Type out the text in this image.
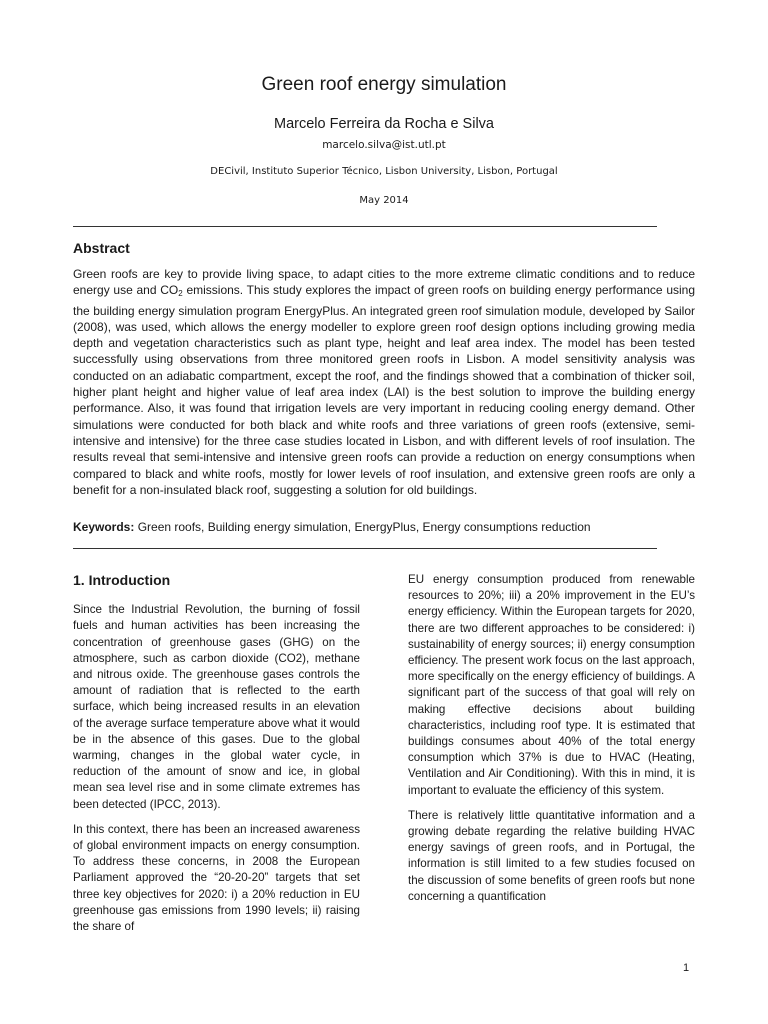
Green roof energy simulation
Marcelo Ferreira da Rocha e Silva
marcelo.silva@ist.utl.pt
DECivil, Instituto Superior Técnico, Lisbon University, Lisbon, Portugal
May 2014
Abstract
Green roofs are key to provide living space, to adapt cities to the more extreme climatic conditions and to reduce energy use and $CO_2$ emissions. This study explores the impact of green roofs on building energy performance using the building energy simulation program EnergyPlus. An integrated green roof simulation module, developed by Sailor (2008), was used, which allows the energy modeller to explore green roof design options including growing media depth and vegetation characteristics such as plant type, height and leaf area index. The model has been tested successfully using observations from three monitored green roofs in Lisbon. A model sensitivity analysis was conducted on an adiabatic compartment, except the roof, and the findings showed that a combination of thicker soil, higher plant height and higher value of leaf area index (LAI) is the best solution to improve the building energy performance. Also, it was found that irrigation levels are very important in reducing cooling energy demand. Other simulations were conducted for both black and white roofs and three variations of green roofs (extensive, semi-intensive and intensive) for the three case studies located in Lisbon, and with different levels of roof insulation. The results reveal that semi-intensive and intensive green roofs can provide a reduction on energy consumptions when compared to black and white roofs, mostly for lower levels of roof insulation, and extensive green roofs are only a benefit for a non-insulated black roof, suggesting a solution for old buildings.
Keywords: Green roofs, Building energy simulation, EnergyPlus, Energy consumptions reduction
1. Introduction

Since the Industrial Revolution, the burning of fossil fuels and human activities has been increasing the concentration of greenhouse gases (GHG) on the atmosphere, such as carbon dioxide (CO2), methane and nitrous oxide. The greenhouse gases controls the amount of radiation that is reflected to the earth surface, which being increased results in an elevation of the average surface temperature above what it would be in the absence of this gases. Due to the global warming, changes in the global water cycle, in reduction of the amount of snow and ice, in global mean sea level rise and in some climate extremes has been detected (IPCC, 2013).

In this context, there has been an increased awareness of global environment impacts on energy consumption. To address these concerns, in 2008 the European Parliament approved the “20-20-20” targets that set three key objectives for 2020: i) a 20% reduction in EU greenhouse gas emissions from 1990 levels; ii) raising the share of

EU energy consumption produced from renewable resources to 20%; iii) a 20% improvement in the EU’s energy efficiency. Within the European targets for 2020, there are two different approaches to be considered: i) sustainability of energy sources; ii) energy consumption efficiency. The present work focus on the last approach, more specifically on the energy efficiency of buildings. A significant part of the success of that goal will rely on making effective decisions about building characteristics, including roof type. It is estimated that buildings consumes about 40% of the total energy consumption which 37% is due to HVAC (Heating, Ventilation and Air Conditioning). With this in mind, it is important to evaluate the efficiency of this system.

There is relatively little quantitative information and a growing debate regarding the relative building HVAC energy savings of green roofs, and in Portugal, the information is still limited to a few studies focused on the discussion of some benefits of green roofs but none concerning a quantification

1
